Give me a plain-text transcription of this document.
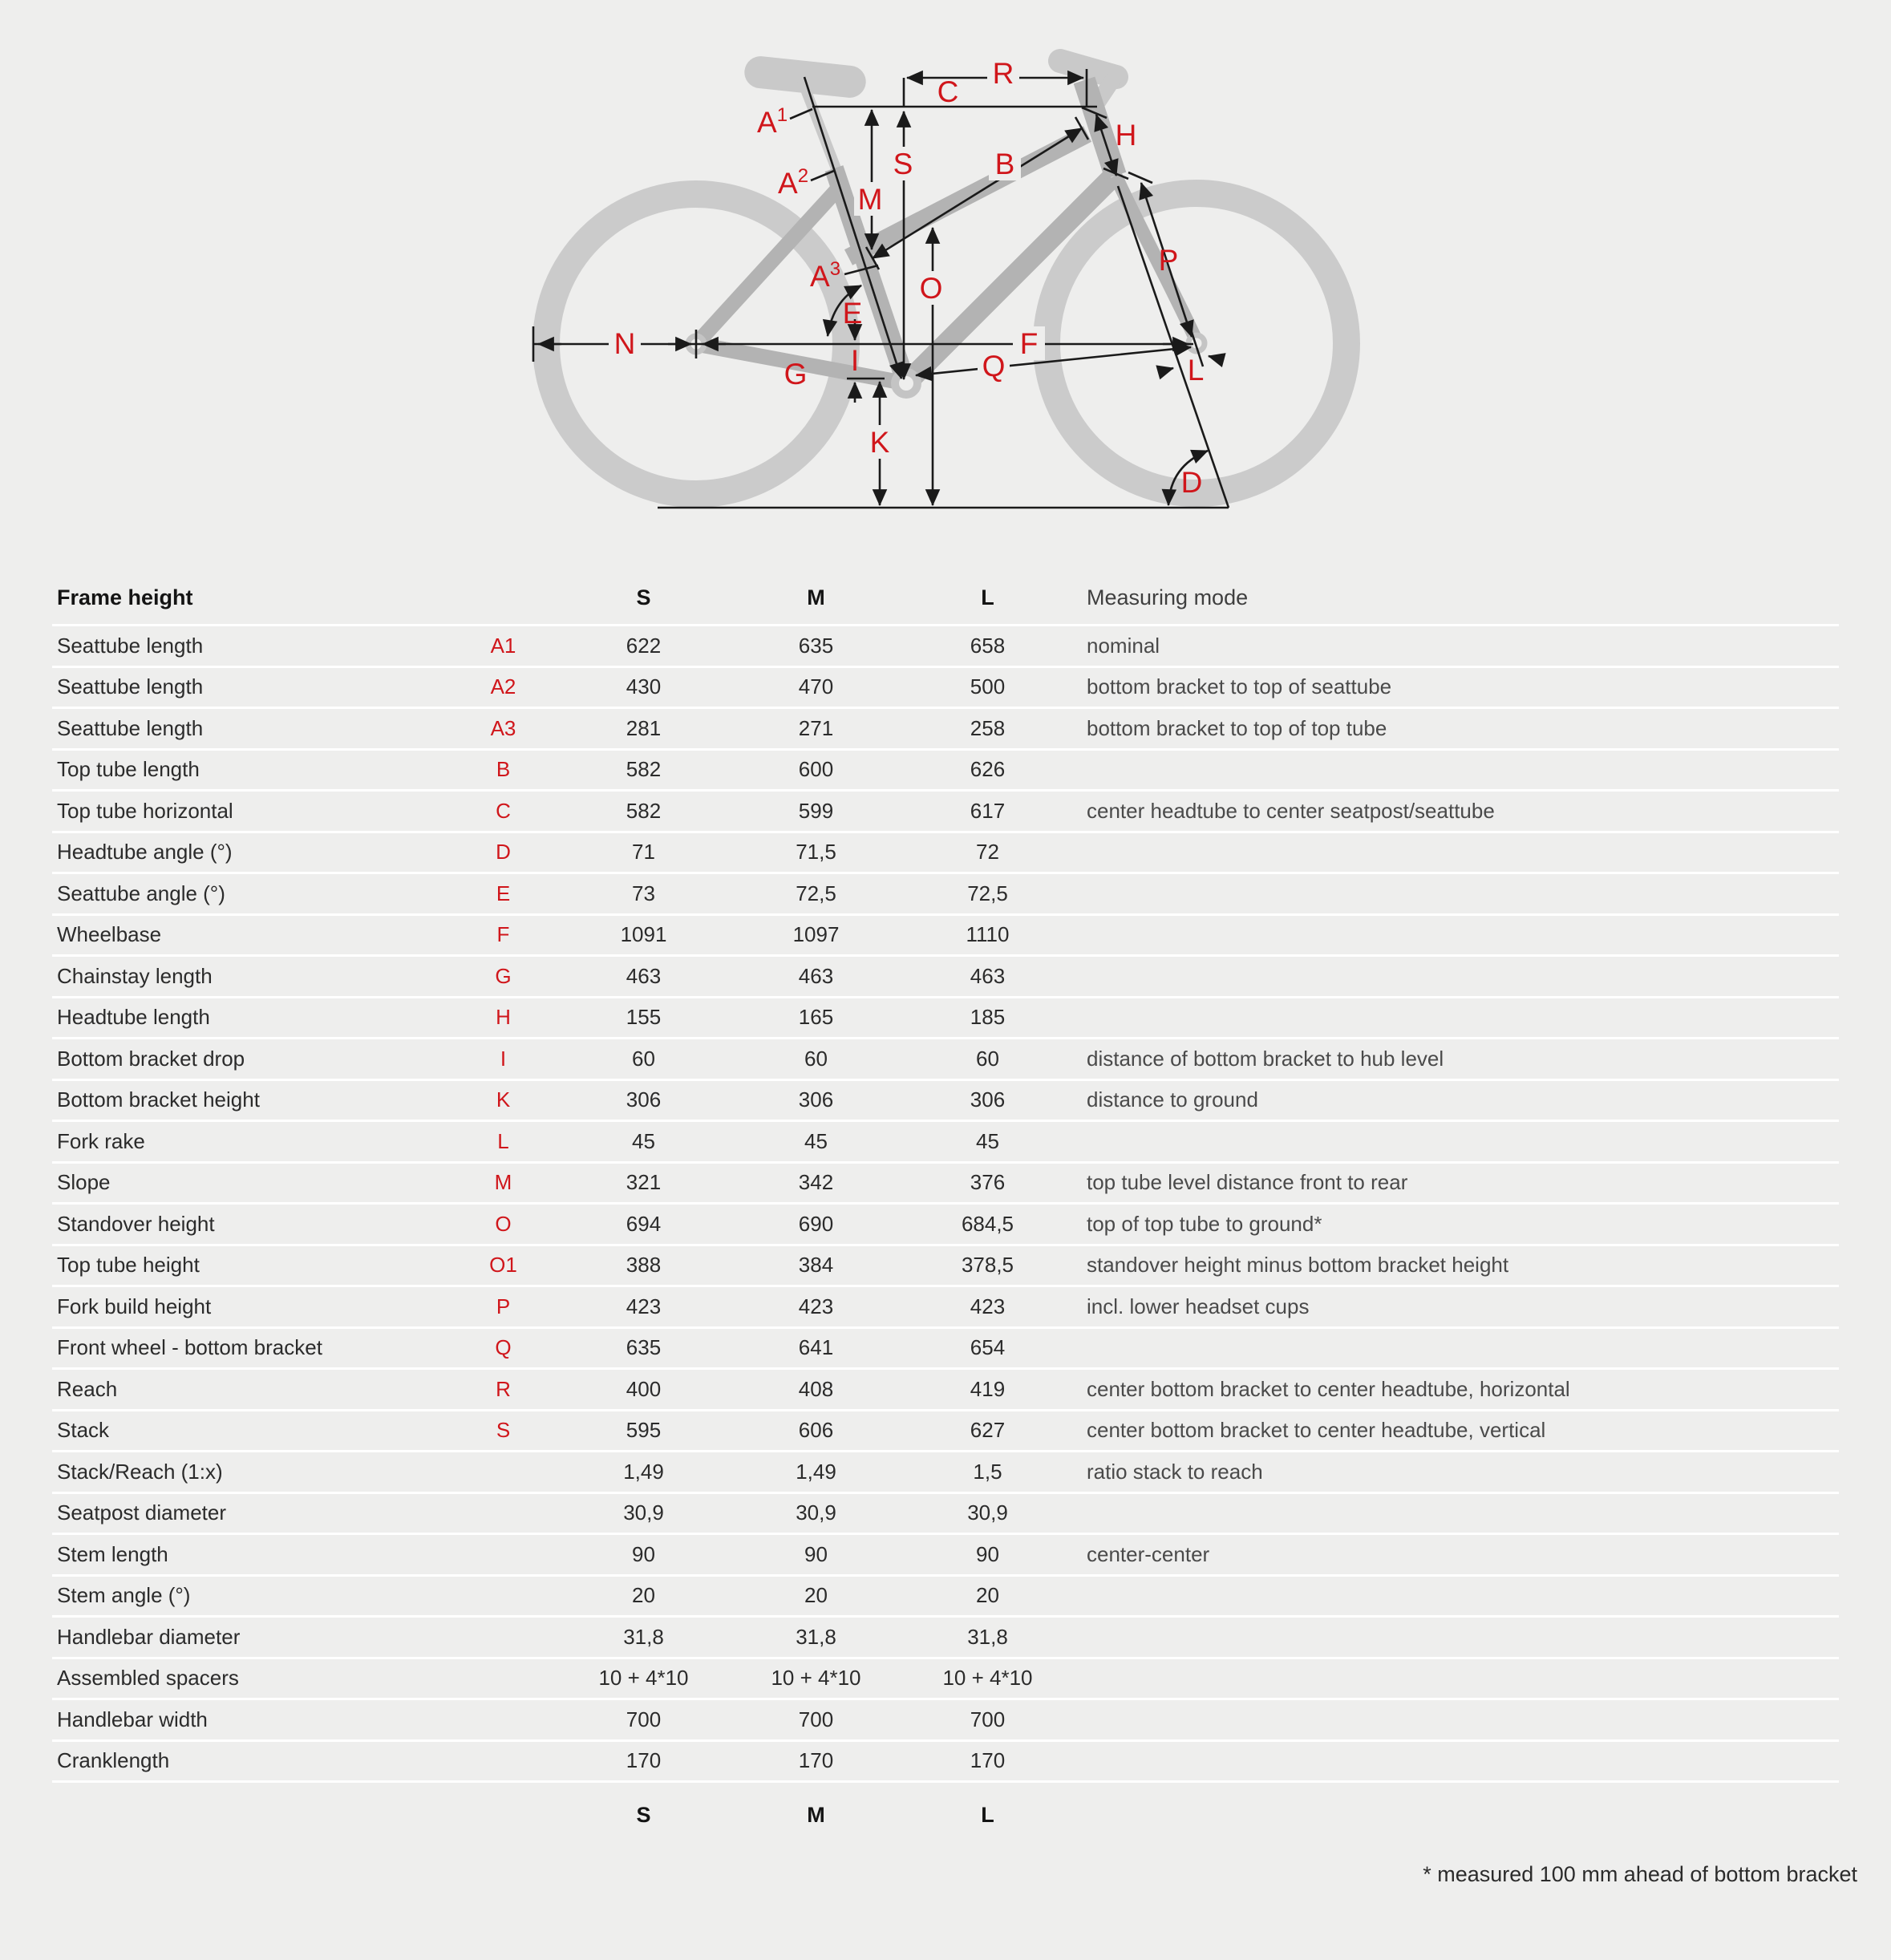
$A^1$
$A^2$
$A^3$
B
C
D
E
F
G
H
I
K
L
M
N
O
P
Q
R
S
Frame height	S	M	L	Measuring mode
Seattube length	A1	622	635	658	nominal
Seattube length	A2	430	470	500	bottom bracket to top of seattube
Seattube length	A3	281	271	258	bottom bracket to top of top tube
Top tube length	B	582	600	626
Top tube horizontal	C	582	599	617	center headtube to center seatpost/seattube
Headtube angle (°)	D	71	71,5	72
Seattube angle (°)	E	73	72,5	72,5
Wheelbase	F	1091	1097	1110
Chainstay length	G	463	463	463
Headtube length	H	155	165	185
Bottom bracket drop	I	60	60	60	distance of bottom bracket to hub level
Bottom bracket height	K	306	306	306	distance to ground
Fork rake	L	45	45	45
Slope	M	321	342	376	top tube level distance front to rear
Standover height	O	694	690	684,5	top of top tube to ground*
Top tube height	O1	388	384	378,5	standover height minus bottom bracket height
Fork build height	P	423	423	423	incl. lower headset cups
Front wheel - bottom bracket	Q	635	641	654
Reach	R	400	408	419	center bottom bracket to center headtube, horizontal
Stack	S	595	606	627	center bottom bracket to center headtube, vertical
Stack/Reach (1:x)	1,49	1,49	1,5	ratio stack to reach
Seatpost diameter	30,9	30,9	30,9
Stem length	90	90	90	center-center
Stem angle (°)	20	20	20
Handlebar diameter	31,8	31,8	31,8
Assembled spacers	10 + 4*10	10 + 4*10	10 + 4*10
Handlebar width	700	700	700
Cranklength	170	170	170
S	M	L
* measured 100 mm ahead of bottom bracket
